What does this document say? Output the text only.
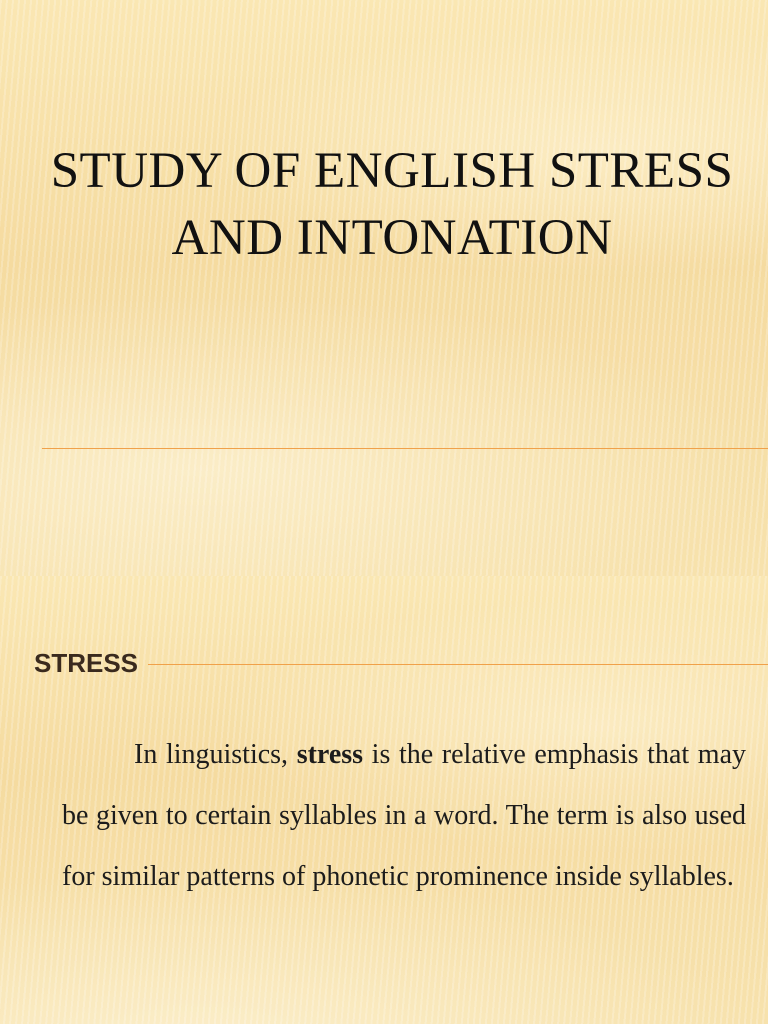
STUDY OF ENGLISH STRESS AND INTONATION
STRESS

In linguistics, stress is the relative emphasis that may be given to certain syllables in a word. The term is also used for similar patterns of phonetic prominence inside syllables.
